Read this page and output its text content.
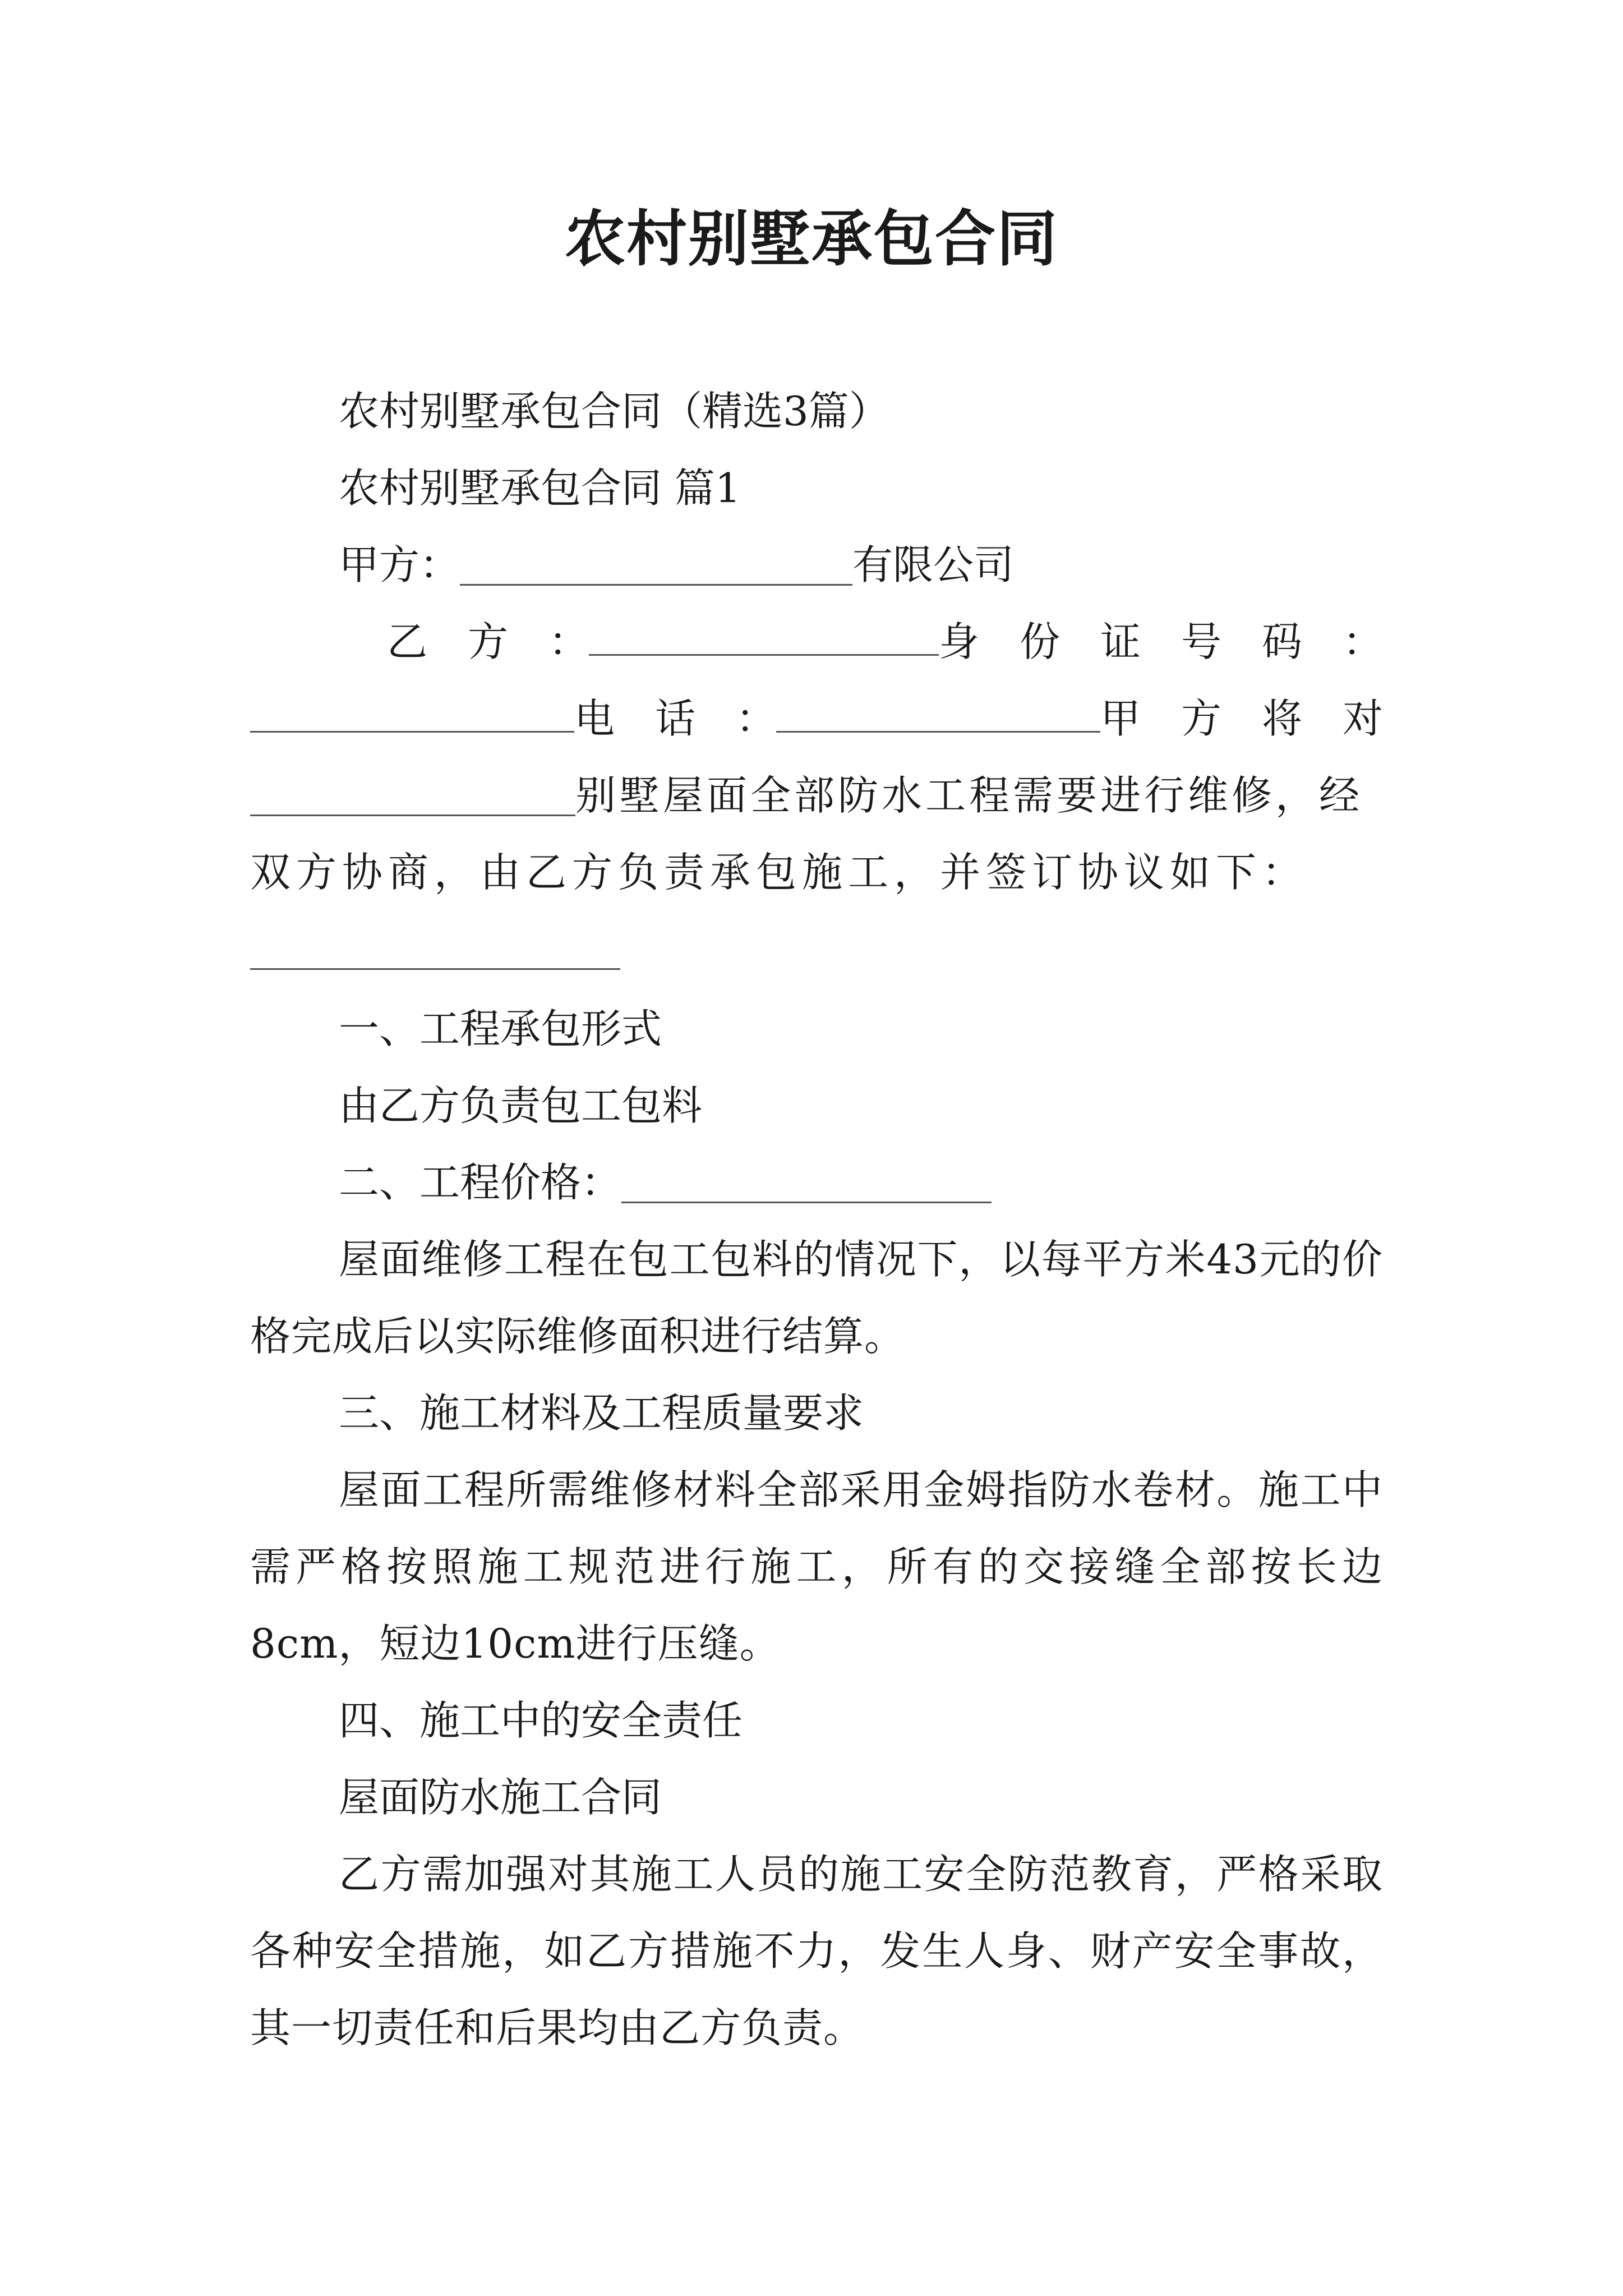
农村别墅承包合同
农村别墅承包合同（精选3篇）
农村别墅承包合同 篇1
甲方：	有限公司
乙　方　：	身　份　证　号　码　：
电　话　：	甲　方　将　对
别墅屋面全部防水工程需要进行维修，经
双方协商，由乙方负责承包施工，并签订协议如下：
一、工程承包形式
由乙方负责包工包料
二、工程价格：
屋面维修工程在包工包料的情况下，以每平方米43元的价格完成后以实际维修面积进行结算。
三、施工材料及工程质量要求
屋面工程所需维修材料全部采用金姆指防水卷材。施工中需严格按照施工规范进行施工，所有的交接缝全部按长边8cm，短边10cm进行压缝。
四、施工中的安全责任
屋面防水施工合同
乙方需加强对其施工人员的施工安全防范教育，严格采取各种安全措施，如乙方措施不力，发生人身、财产安全事故，其一切责任和后果均由乙方负责。
